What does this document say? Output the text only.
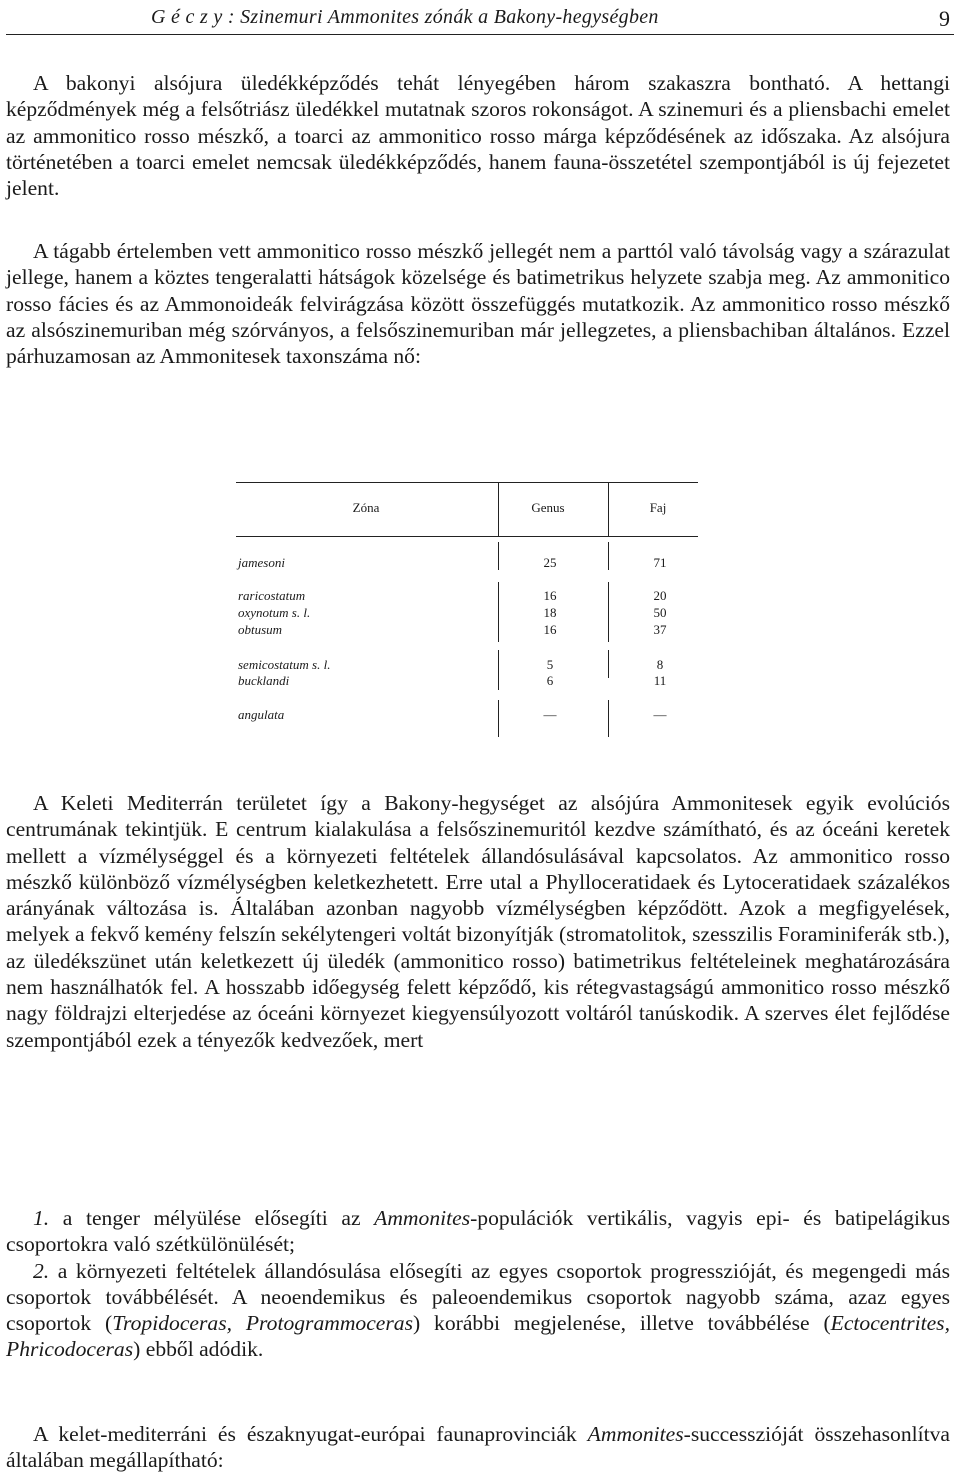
G é c z y : Szinemuri Ammonites zónák a Bakony-hegységben	9

A bakonyi alsójura üledékképződés tehát lényegében három szakaszra bontható. A hettangi képződmények még a felsőtriász üledékkel mutatnak szoros rokonságot. A szinemuri és a pliensbachi emelet az ammonitico rosso mészkő, a toarci az ammonitico rosso márga képződésének az időszaka. Az alsójura történetében a toarci emelet nemcsak üledékképződés, hanem fauna-összetétel szempontjából is új fejezetet jelent.

A tágabb értelemben vett ammonitico rosso mészkő jellegét nem a parttól való távolság vagy a szárazulat jellege, hanem a köztes tengeralatti hátságok közelsége és batimetrikus helyzete szabja meg. Az ammonitico rosso fácies és az Ammonoideák felvirágzása között összefüggés mutatkozik. Az ammonitico rosso mészkő az alsószinemuriban még szórványos, a felsőszinemuriban már jellegzetes, a pliensbachiban általános. Ezzel párhuzamosan az Ammonitesek taxonszáma nő:

Zóna	Genus	Faj
jamesoni	25	71
raricostatum	16	20
oxynotum s. l.	18	50
obtusum	16	37
semicostatum s. l.	5	8
bucklandi	6	11
angulata	—	—

A Keleti Mediterrán területet így a Bakony-hegységet az alsójúra Ammonitesek egyik evolúciós centrumának tekintjük. E centrum kialakulása a felsőszinemuritól kezdve számítható, és az óceáni keretek mellett a vízmélységgel és a környezeti feltételek állandósulásával kapcsolatos. Az ammonitico rosso mészkő különböző vízmélységben keletkezhetett. Erre utal a Phylloceratidaek és Lytoceratidaek százalékos arányának változása is. Általában azonban nagyobb vízmélységben képződött. Azok a megfigyelések, melyek a fekvő kemény felszín sekélytengeri voltát bizonyítják (stromatolitok, szesszilis Foraminiferák stb.), az üledékszünet után keletkezett új üledék (ammonitico rosso) batimetrikus feltételeinek meghatározására nem használhatók fel. A hosszabb időegység felett képződő, kis rétegvastagságú ammonitico rosso mészkő nagy földrajzi elterjedése az óceáni környezet kiegyensúlyozott voltáról tanúskodik. A szerves élet fejlődése szempontjából ezek a tényezők kedvezőek, mert

1. a tenger mélyülése elősegíti az Ammonites-populációk vertikális, vagyis epi- és batipelágikus csoportokra való szétkülönülését;

2. a környezeti feltételek állandósulása elősegíti az egyes csoportok progresszióját, és megengedi más csoportok továbbélését. A neoendemikus és paleoendemikus csoportok nagyobb száma, azaz egyes csoportok (Tropidoceras, Protogrammoceras) korábbi megjelenése, illetve továbbélése (Ectocentrites, Phricodoceras) ebből adódik.

A kelet-mediterráni és északnyugat-európai faunaprovinciák Ammonites-successzióját összehasonlítva általában megállapítható:
